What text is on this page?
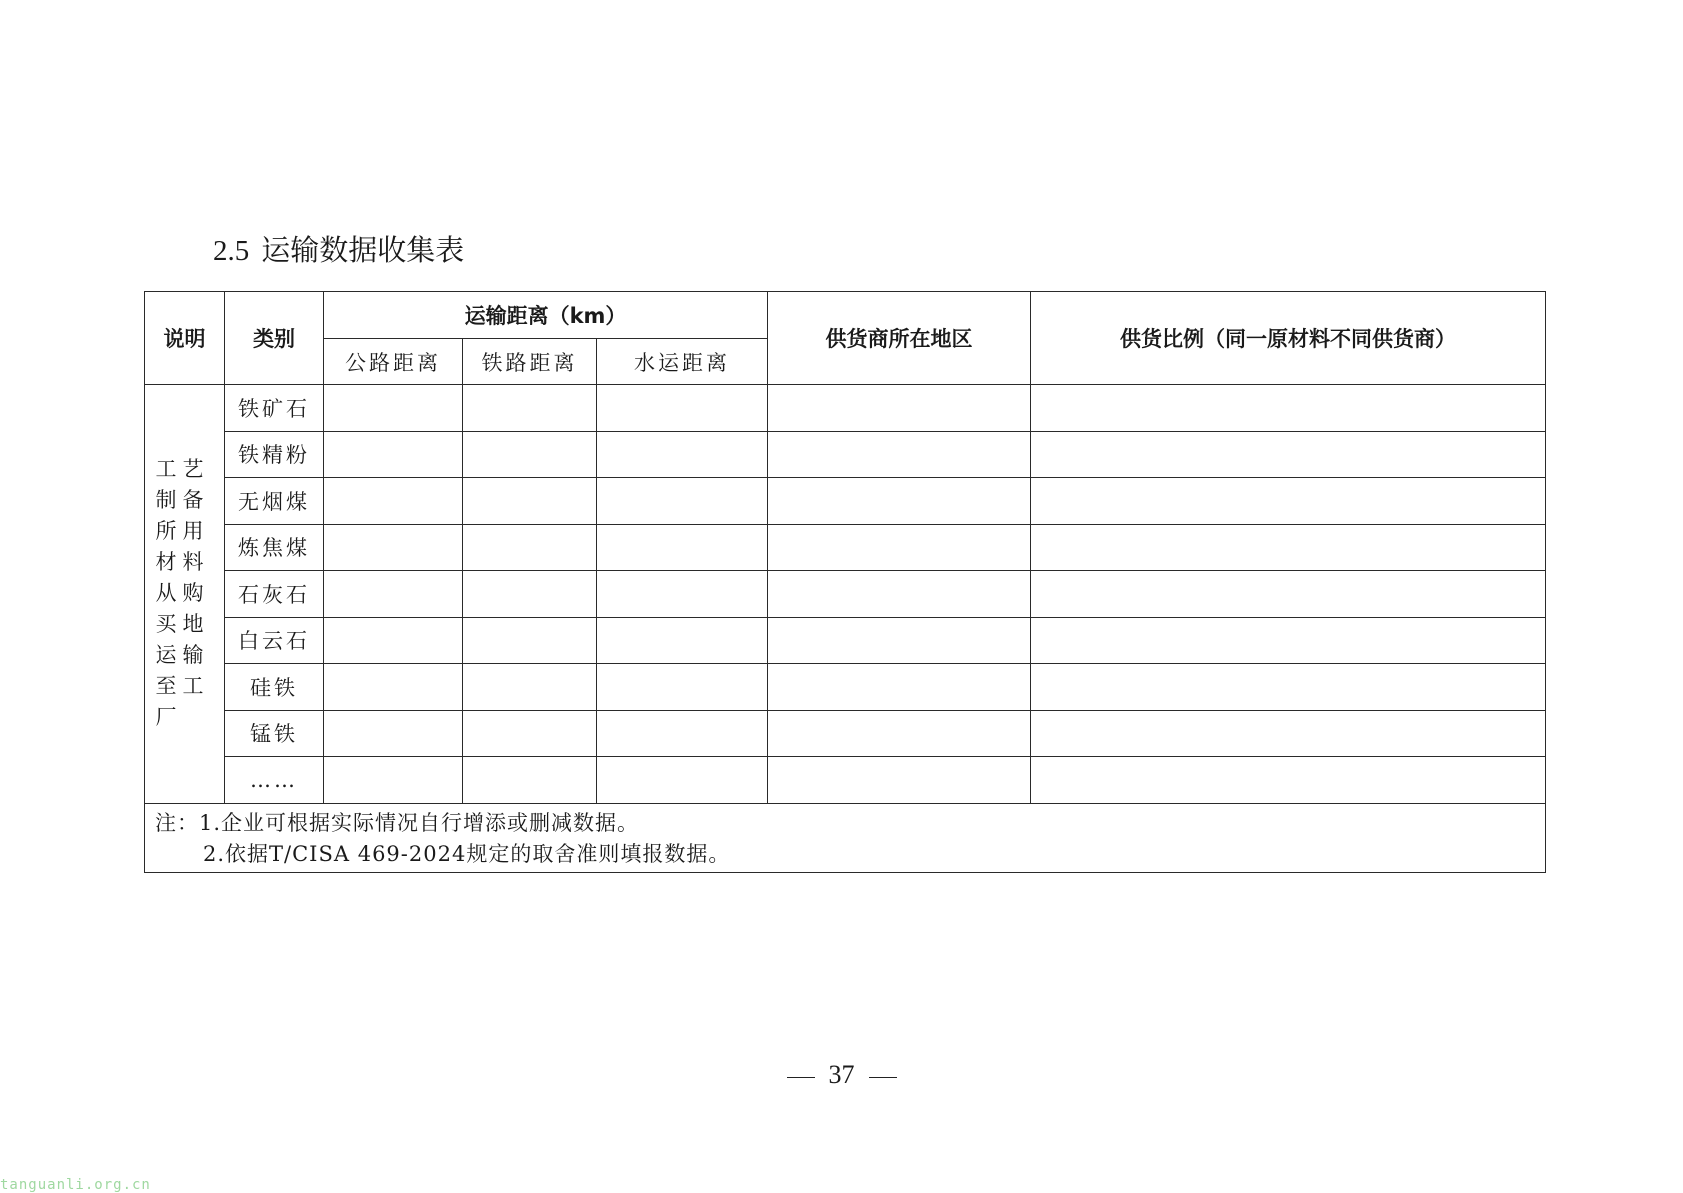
2.5 运输数据收集表
说明	类别	运输距离（km）			供货商所在地区	供货比例（同一原材料不同供货商）
		公路距离	铁路距离	水运距离		

工艺制备所用材料从购买地运输至工厂	铁矿石					
	铁精粉					
	无烟煤					
	炼焦煤					
	石灰石					
	白云石					
	硅铁					
	锰铁					
	……					

注：1.企业可根据实际情况自行增添或删减数据。
2.依据T/CISA 469-2024规定的取舍准则填报数据。						
37
tanguanli.org.cn
